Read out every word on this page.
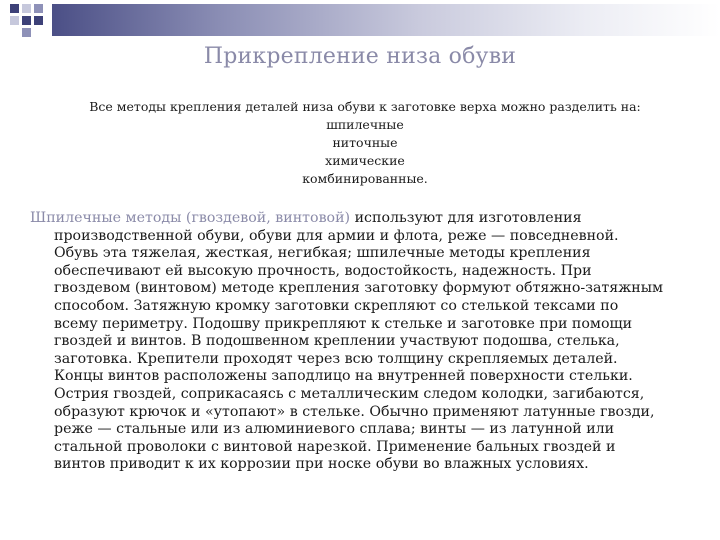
Прикрепление низа обуви
Все методы крепления деталей низа обуви к заготовке верха можно разделить на:
шпилечные
ниточные
химические
комбинированные.
Шпилечные методы (гвоздевой, винтовой) используют для изготовления производственной обуви, обуви для армии и флота, реже — повседневной. Обувь эта тяжелая, жесткая, негибкая; шпилечные методы крепления обеспечивают ей высокую прочность, водостойкость, надежность. При гвоздевом (винтовом) методе крепления заготовку формуют обтяжно-затяжным способом. Затяжную кромку заготовки скрепляют со стелькой тексами по всему периметру. Подошву прикрепляют к стельке и заготовке при помощи гвоздей и винтов. В подошвенном креплении участвуют подошва, стелька, заготовка. Крепители проходят через всю толщину скрепляемых деталей. Концы винтов расположены заподлицо на внутренней поверхности стельки. Острия гвоздей, соприкасаясь с металлическим следом колодки, загибаются, образуют крючок и «утопают» в стельке. Обычно применяют латунные гвозди, реже — стальные или из алюминиевого сплава; винты — из латунной или стальной проволоки с винтовой нарезкой. Применение бальных гвоздей и винтов приводит к их коррозии при носке обуви во влажных условиях.
